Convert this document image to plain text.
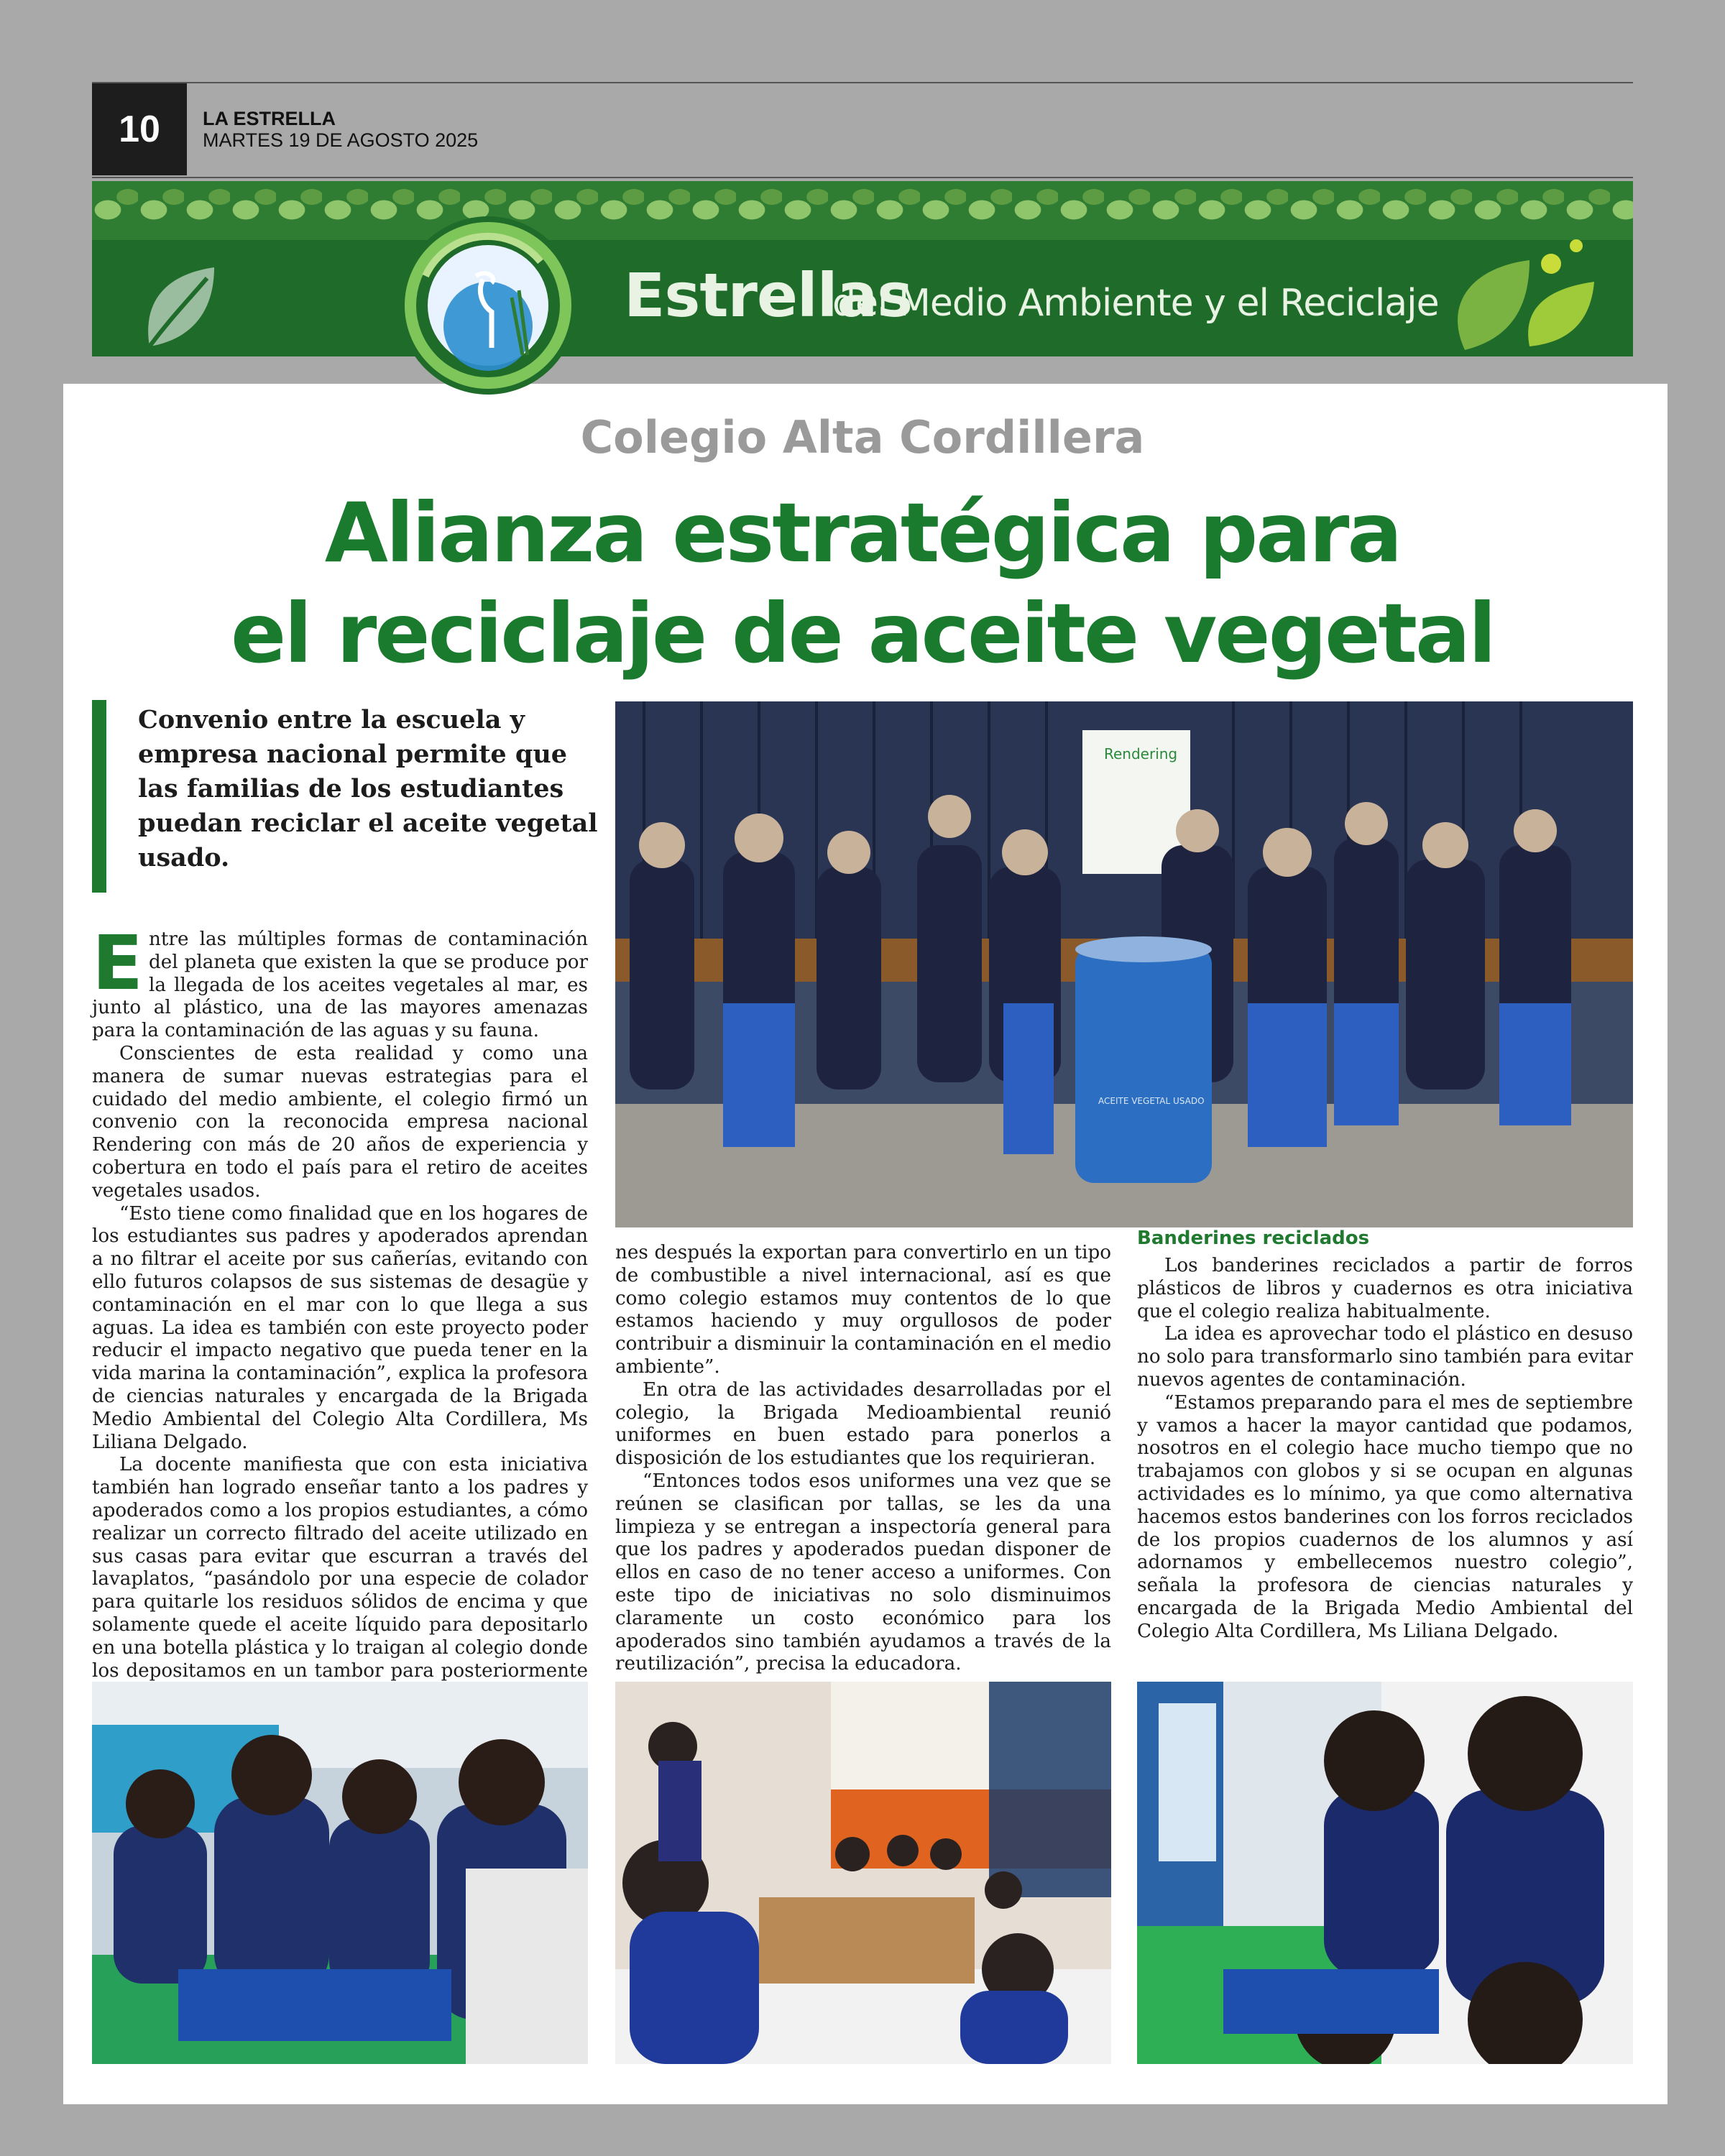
10	LA ESTRELLA
MARTES 19 DE AGOSTO 2025
Estrellas
del Medio Ambiente y el Reciclaje
Colegio Alta Cordillera
Alianza estratégica para
el reciclaje de aceite vegetal
Convenio entre la escuela y empresa nacional permite que las familias de los estudiantes puedan reciclar el aceite vegetal usado.
Rendering
ACEITE VEGETAL USADO

Entre las múltiples formas de contaminación del planeta que existen la que se produce por la llegada de los aceites vegetales al mar, es junto al plástico, una de las mayores amenazas para la contaminación de las aguas y su fauna.

Conscientes de esta realidad y como una manera de sumar nuevas estrategias para el cuidado del medio ambiente, el colegio firmó un convenio con la reconocida empresa nacional Rendering con más de 20 años de experiencia y cobertura en todo el país para el retiro de aceites vegetales usados.

“Esto tiene como finalidad que en los hogares de los estudiantes sus padres y apoderados aprendan a no filtrar el aceite por sus cañerías, evitando con ello futuros colapsos de sus sistemas de desagüe y contaminación en el mar con lo que llega a sus aguas. La idea es también con este proyecto poder reducir el impacto negativo que pueda tener en la vida marina la contaminación”, explica la profesora de ciencias naturales y encargada de la Brigada Medio Ambiental del Colegio Alta Cordillera, Ms Liliana Delgado.

La docente manifiesta que con esta iniciativa también han logrado enseñar tanto a los padres y apoderados como a los propios estudiantes, a cómo realizar un correcto filtrado del aceite utilizado en sus casas para evitar que escurran a través del lavaplatos, “pasándolo por una especie de colador para quitarle los residuos sólidos de encima y que solamente quede el aceite líquido para depositarlo en una botella plástica y lo traigan al colegio donde los depositamos en un tambor para posteriormente

nes después la exportan para convertirlo en un tipo de combustible a nivel internacional, así es que como colegio estamos muy contentos de lo que estamos haciendo y muy orgullosos de poder contribuir a disminuir la contaminación en el medio ambiente”.

En otra de las actividades desarrolladas por el colegio, la Brigada Medioambiental reunió uniformes en buen estado para ponerlos a disposición de los estudiantes que los requirieran.

“Entonces todos esos uniformes una vez que se reúnen se clasifican por tallas, se les da una limpieza y se entregan a inspectoría general para que los padres y apoderados puedan disponer de ellos en caso de no tener acceso a uniformes. Con este tipo de iniciativas no solo disminuimos claramente un costo económico para los apoderados sino también ayudamos a través de la reutilización”, precisa la educadora.

Banderines reciclados

Los banderines reciclados a partir de forros plásticos de libros y cuadernos es otra iniciativa que el colegio realiza habitualmente.

La idea es aprovechar todo el plástico en desuso no solo para transformarlo sino también para evitar nuevos agentes de contaminación.

“Estamos preparando para el mes de septiembre y vamos a hacer la mayor cantidad que podamos, nosotros en el colegio hace mucho tiempo que no trabajamos con globos y si se ocupan en algunas actividades es lo mínimo, ya que como alternativa hacemos estos banderines con los forros reciclados de los propios cuadernos de los alumnos y así adornamos y embellecemos nuestro colegio”, señala la profesora de ciencias naturales y encargada de la Brigada Medio Ambiental del Colegio Alta Cordillera, Ms Liliana Delgado.
